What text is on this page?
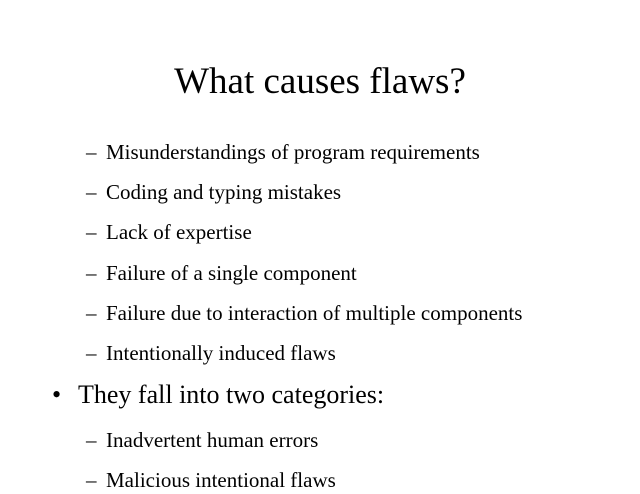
What causes flaws?
– Misunderstandings of program requirements
– Coding and typing mistakes
– Lack of expertise
– Failure of a single component
– Failure due to interaction of multiple components
– Intentionally induced flaws
• They fall into two categories:
– Inadvertent human errors
– Malicious intentional flaws
